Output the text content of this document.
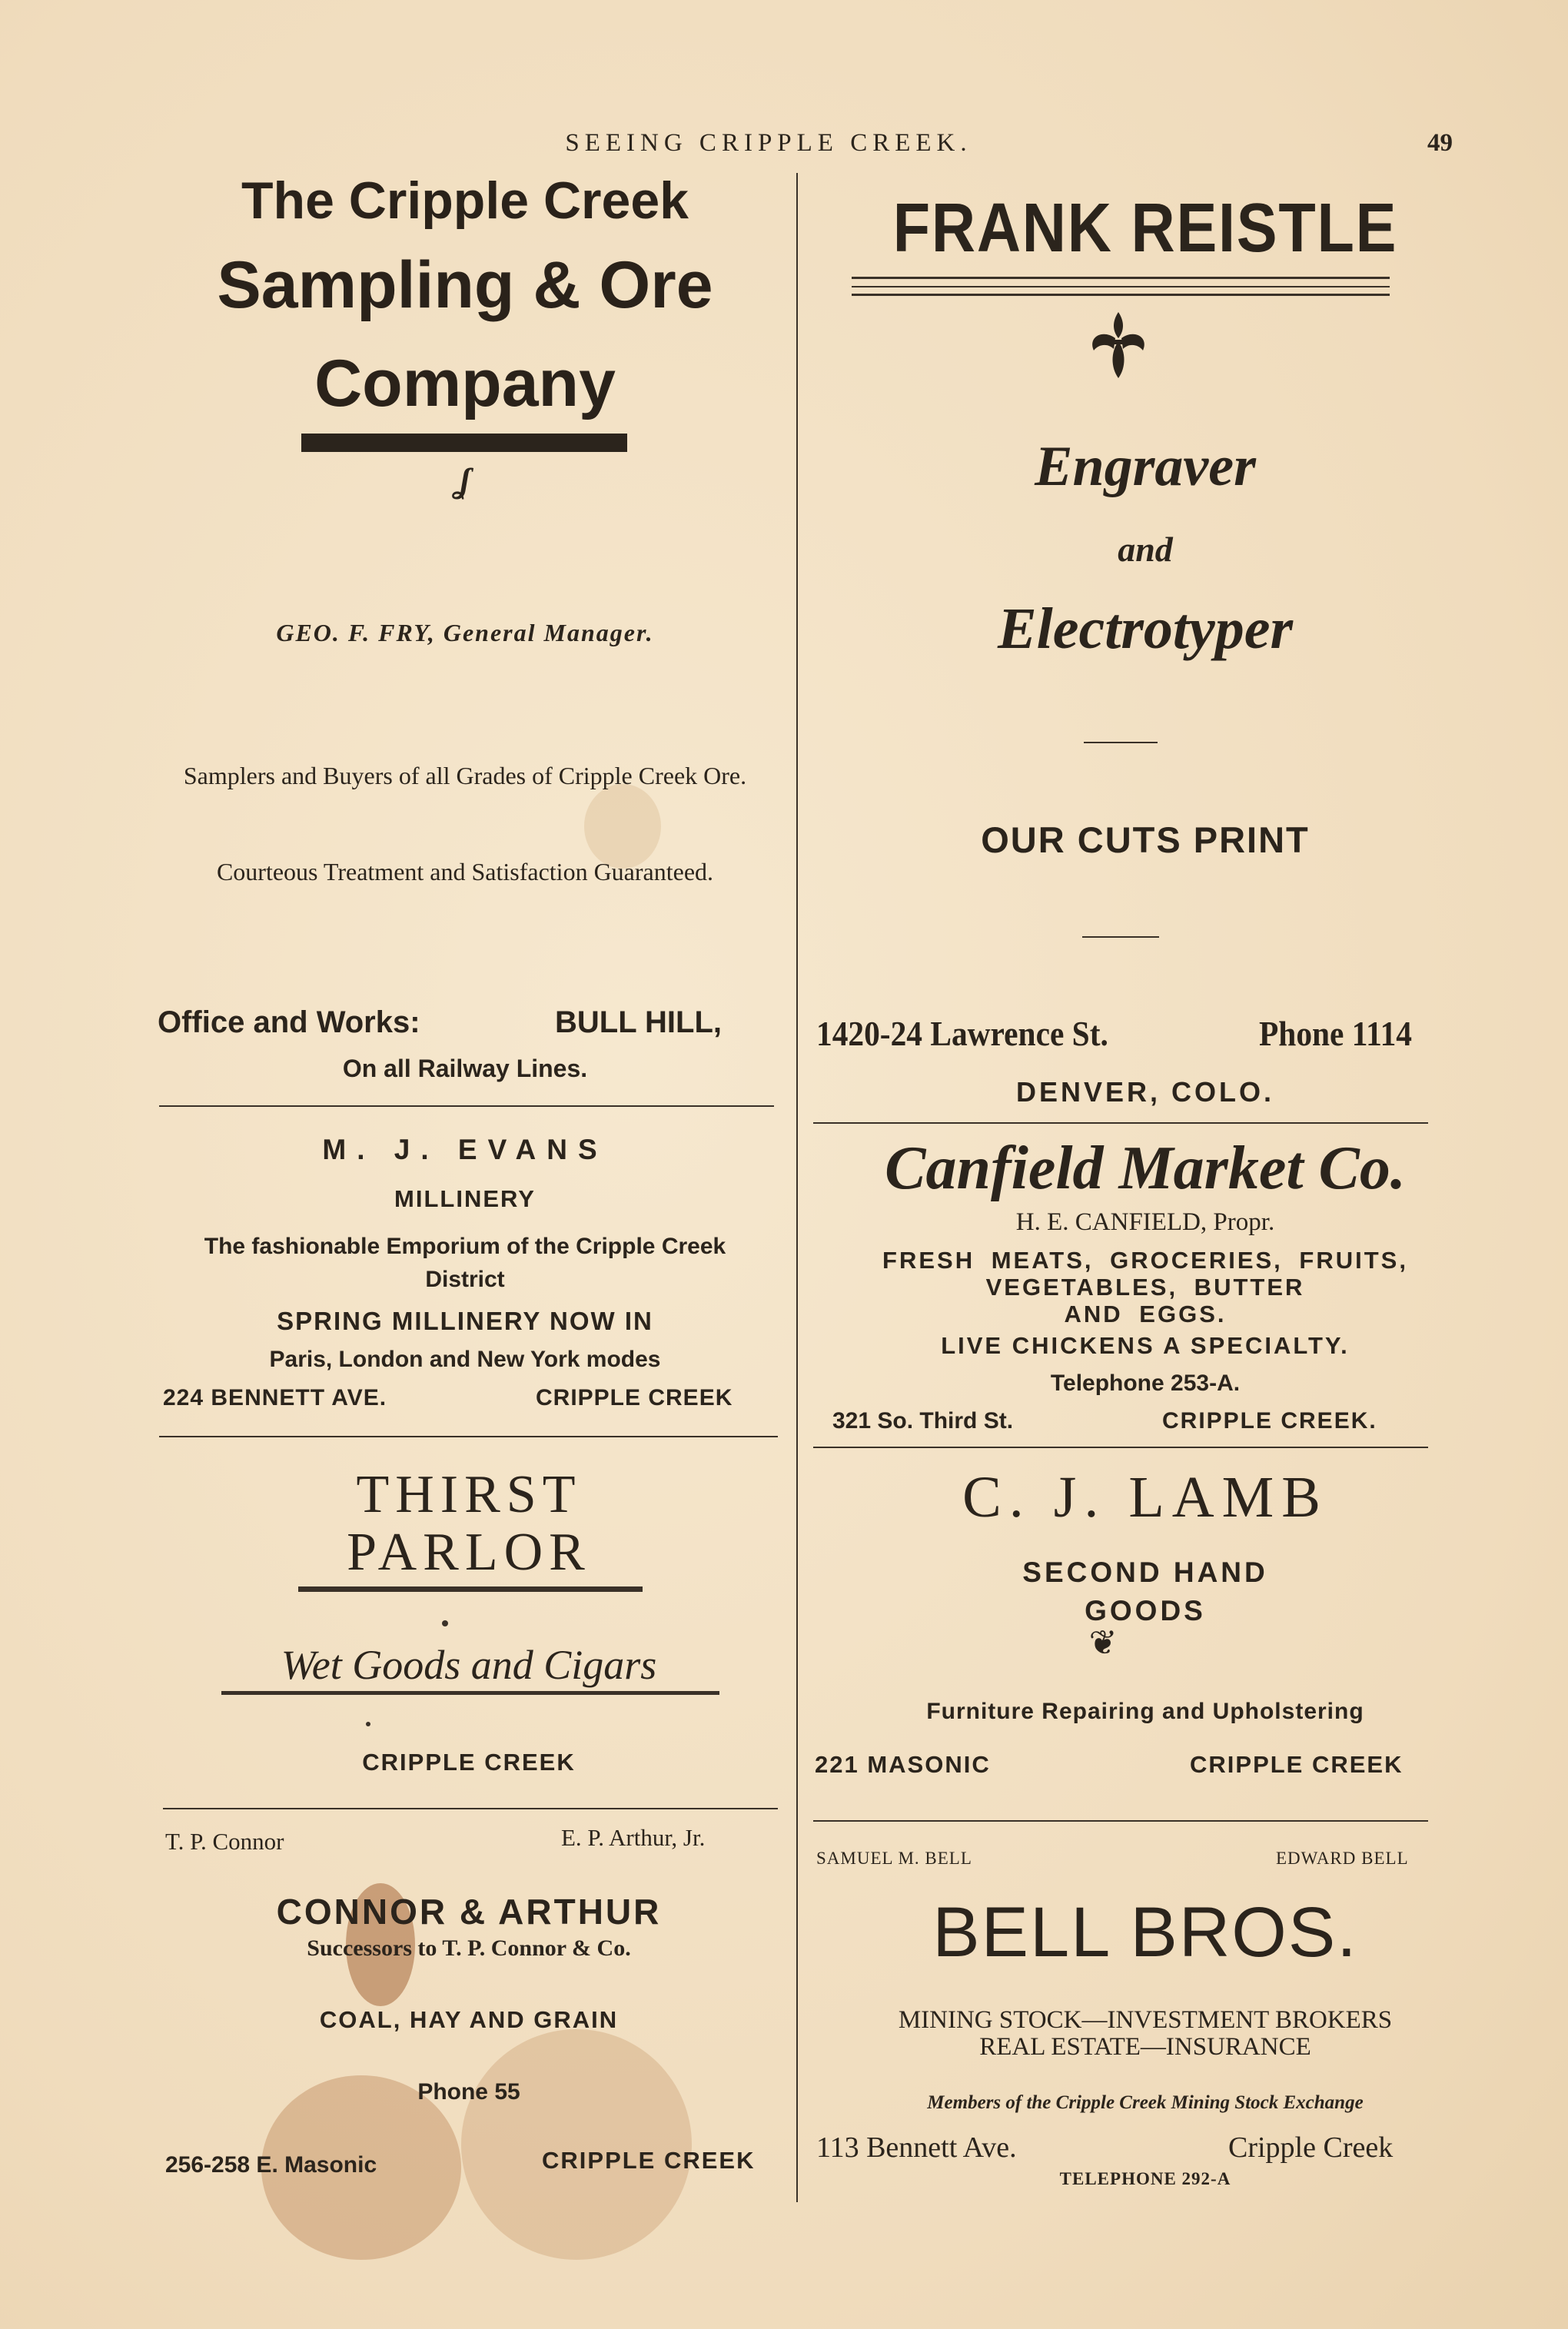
SEEING CRIPPLE CREEK.	49
The Cripple Creek
Sampling & Ore
Company
ʆ
GEO. F. FRY, General Manager.
Samplers and Buyers of all Grades of Cripple Creek Ore.
Courteous Treatment and Satisfaction Guaranteed.
Office and Works:	BULL HILL,
On all Railway Lines.
M. J. EVANS
MILLINERY
The fashionable Emporium of the Cripple Creek District
SPRING MILLINERY NOW IN
Paris, London and New York modes
224 BENNETT AVE.	CRIPPLE CREEK
THIRST
PARLOR
Wet Goods and Cigars
CRIPPLE CREEK
T. P. Connor	E. P. Arthur, Jr.
CONNOR & ARTHUR
Successors to T. P. Connor & Co.
COAL, HAY AND GRAIN
Phone 55
256-258 E. Masonic	CRIPPLE CREEK
FRANK REISTLE
Engraver
and
Electrotyper
OUR CUTS PRINT
1420-24 Lawrence St.	Phone 1114
DENVER, COLO.
Canfield Market Co.
H. E. CANFIELD, Propr.
FRESH MEATS, GROCERIES, FRUITS,
VEGETABLES, BUTTER
AND EGGS.
LIVE CHICKENS A SPECIALTY.
Telephone 253-A.
321 So. Third St.	CRIPPLE CREEK.
C. J. LAMB
SECOND HAND
GOODS
❦
Furniture Repairing and Upholstering
221 MASONIC	CRIPPLE CREEK
SAMUEL M. BELL	EDWARD BELL
BELL BROS.
MINING STOCK—INVESTMENT BROKERS
REAL ESTATE—INSURANCE
Members of the Cripple Creek Mining Stock Exchange
113 Bennett Ave.	Cripple Creek
TELEPHONE 292-A
